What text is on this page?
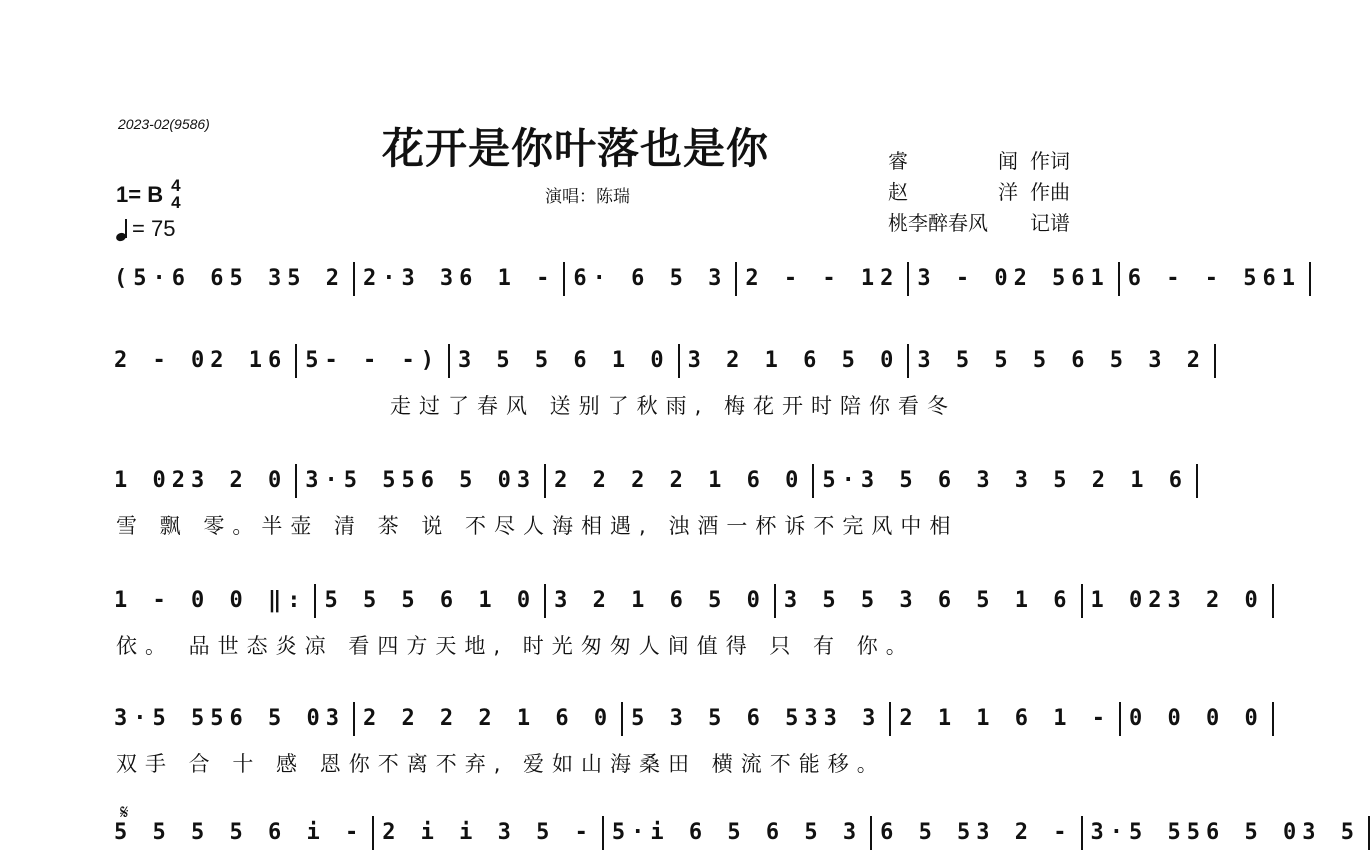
2023-02(9586)	花开是你叶落也是你
演唱：陈瑞
睿	闻 作词
赵	洋 作曲
桃李醉春风 记谱
1= B 4
4
= 75
(5·6 65 35 2 2·3 36 1 - 6· 6 5 3 2 - - 12 3 - 02 561 6 - - 561
2 - 02 16 5- - -) 3 5 5 6 1 0 3 2 1 6 5 0 3 5 5 5 6 5 3 2
走过了春风 送别了秋雨, 梅花开时陪你看冬
1 023 2 0 3·5 556 5 03 2 2 2 2 1 6 0 5·3 5 6 3 3 5 2 1 6
雪 飘 零。半壶 清 茶 说 不尽人海相遇, 浊酒一杯诉不完风中相
1 - 0 0 ‖: 5 5 5 6 1 0 3 2 1 6 5 0 3 5 5 3 6 5 1 6 1 023 2 0
依。 品世态炎凉 看四方天地, 时光匆匆人间值得 只 有 你。
3·5 556 5 03 2 2 2 2 1 6 0 5 3 5 6 533 3 2 1 1 6 1 - 0 0 0 0
双手 合 十 感 恩你不离不弃, 爱如山海桑田 横流不能移。
𝄋
5 5 5 5 6 i - 2 i i 3 5 - 5·i 6 5 6 5 3 6 5 53 2 - 3·5 556 5 03 5
